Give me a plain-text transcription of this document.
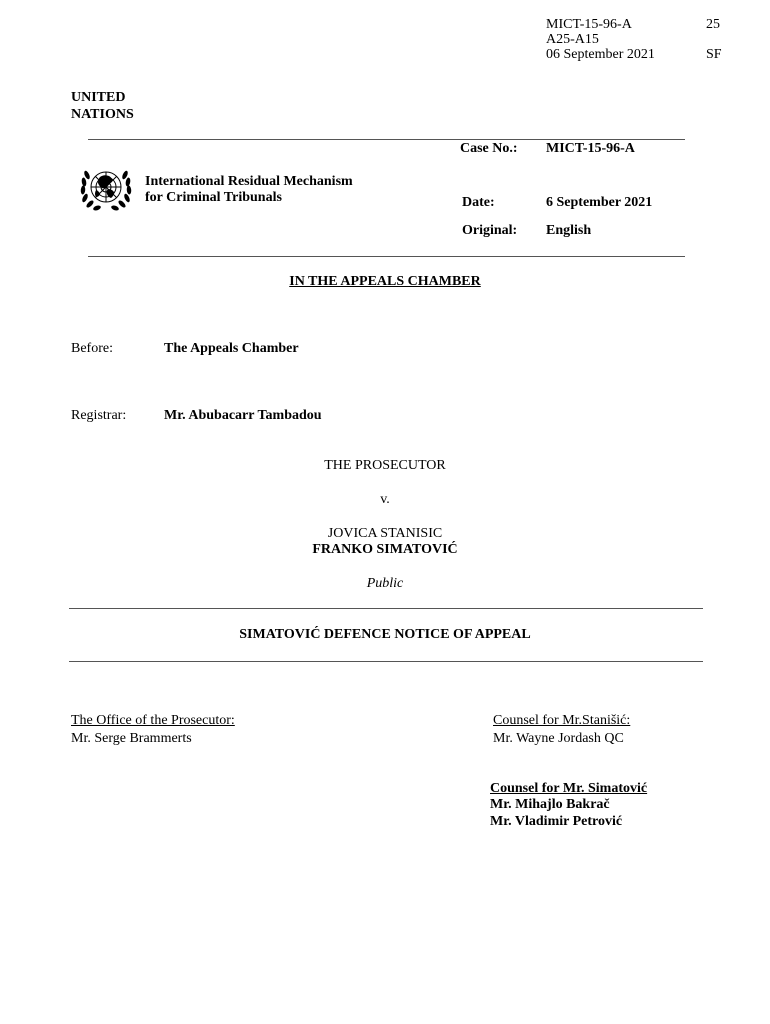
MICT-15-96-A
A25-A15
06 September 2021
25
SF
UNITED
NATIONS
International Residual Mechanism
for Criminal Tribunals
Case No.: MICT-15-96-A
Date:	6 September 2021
Original: English
IN THE APPEALS CHAMBER
Before:	The Appeals Chamber
Registrar:	Mr. Abubacarr Tambadou
THE PROSECUTOR
v.
JOVICA STANISIC
FRANKO SIMATOVIĆ
Public
SIMATOVIĆ DEFENCE NOTICE OF APPEAL
The Office of the Prosecutor:
Mr. Serge Brammerts
Counsel for Mr.Stanišić:
Mr. Wayne Jordash QC
Counsel for Mr. Simatović
Mr. Mihajlo Bakrač
Mr. Vladimir Petrović
